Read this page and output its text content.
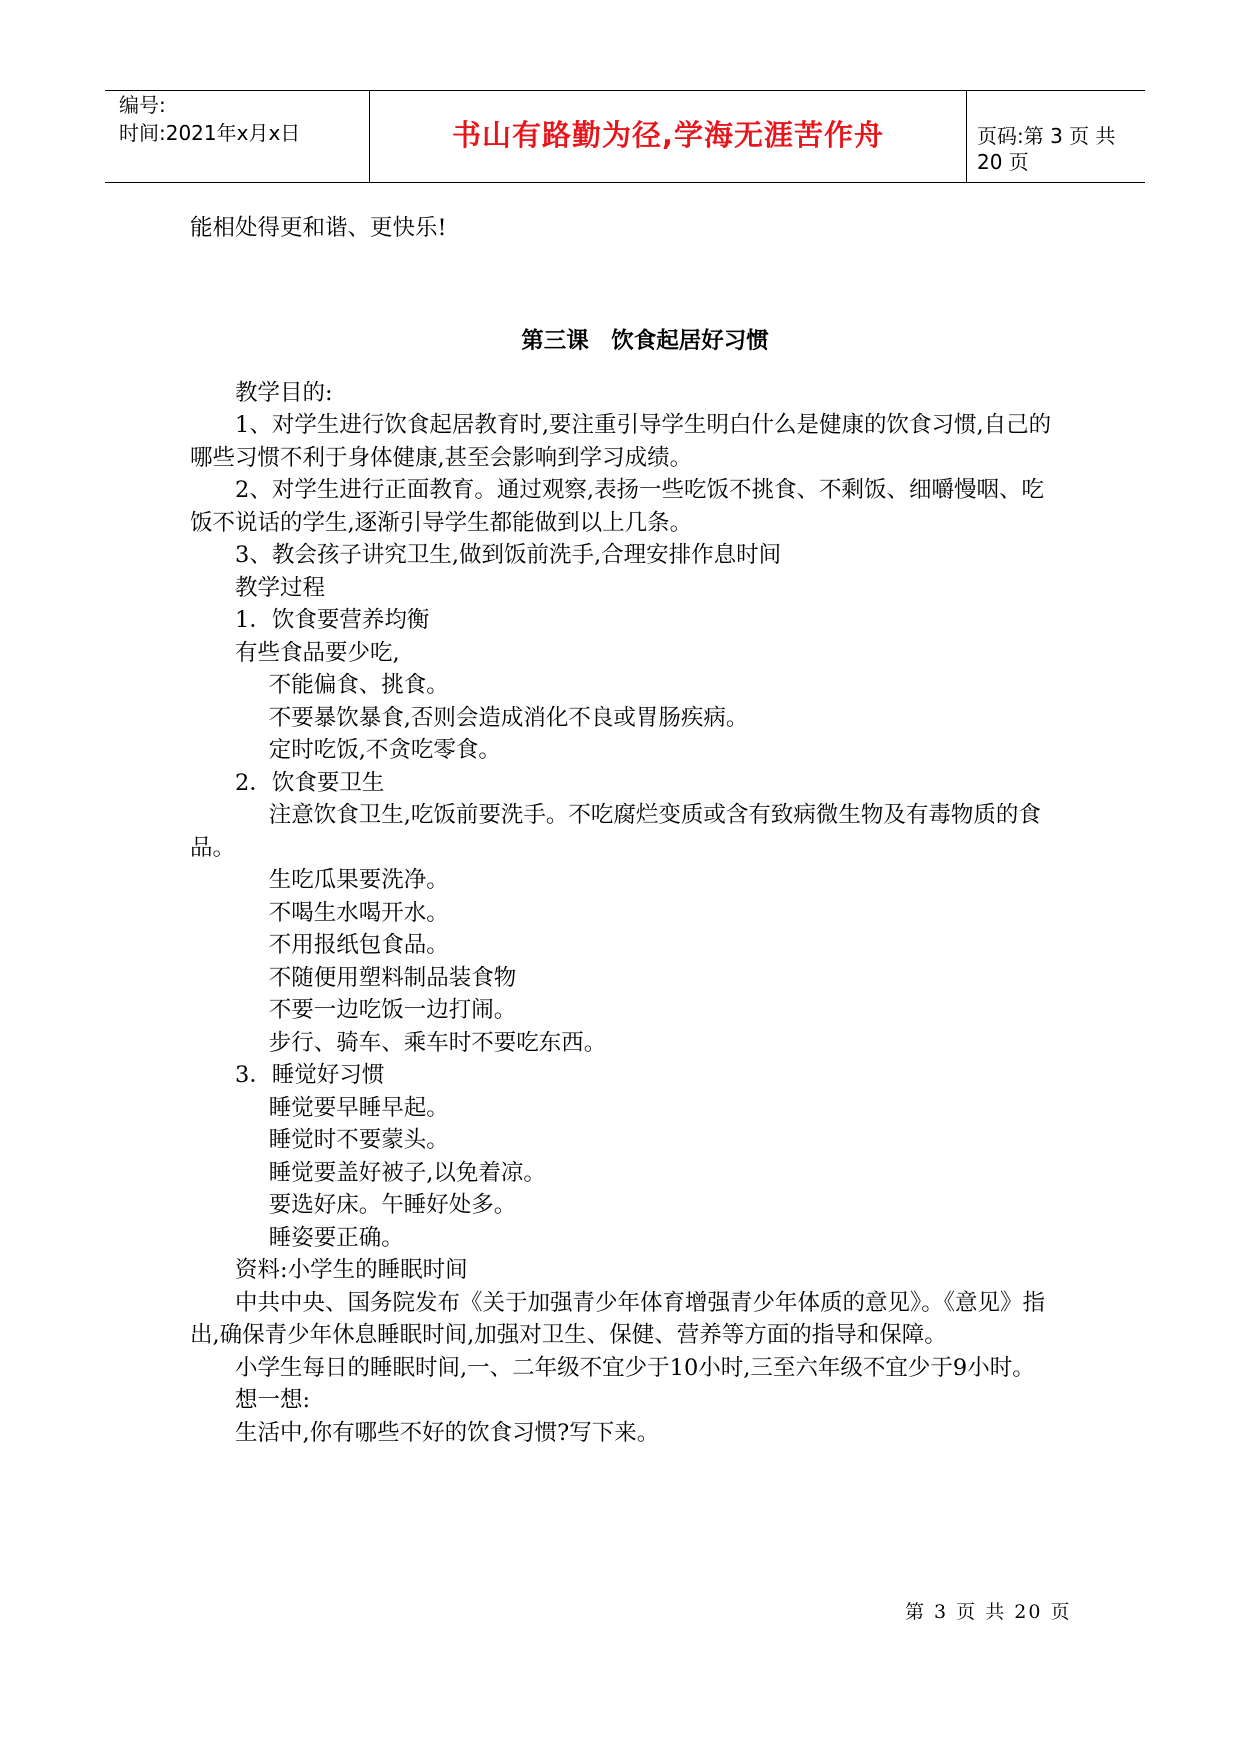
编号:
时间:2021年x月x日	书山有路勤为径,学海无涯苦作舟	页码:第 3 页 共 20 页

能相处得更和谐、更快乐!

第三课　饮食起居好习惯

教学目的:

1、对学生进行饮食起居教育时,要注重引导学生明白什么是健康的饮食习惯,自己的哪些习惯不利于身体健康,甚至会影响到学习成绩。

2、对学生进行正面教育。通过观察,表扬一些吃饭不挑食、不剩饭、细嚼慢咽、吃饭不说话的学生,逐渐引导学生都能做到以上几条。

3、教会孩子讲究卫生,做到饭前洗手,合理安排作息时间

教学过程

1．饮食要营养均衡

有些食品要少吃,

不能偏食、挑食。

不要暴饮暴食,否则会造成消化不良或胃肠疾病。

定时吃饭,不贪吃零食。

2．饮食要卫生

注意饮食卫生,吃饭前要洗手。不吃腐烂变质或含有致病微生物及有毒物质的食品。

生吃瓜果要洗净。

不喝生水喝开水。

不用报纸包食品。

不随便用塑料制品装食物

不要一边吃饭一边打闹。

步行、骑车、乘车时不要吃东西。

3．睡觉好习惯

睡觉要早睡早起。

睡觉时不要蒙头。

睡觉要盖好被子,以免着凉。

要选好床。午睡好处多。

睡姿要正确。

资料:小学生的睡眠时间

中共中央、国务院发布《关于加强青少年体育增强青少年体质的意见》。《意见》指出,确保青少年休息睡眠时间,加强对卫生、保健、营养等方面的指导和保障。

小学生每日的睡眠时间,一、二年级不宜少于10小时,三至六年级不宜少于9小时。

想一想:

生活中,你有哪些不好的饮食习惯?写下来。

第 3 页 共 20 页
